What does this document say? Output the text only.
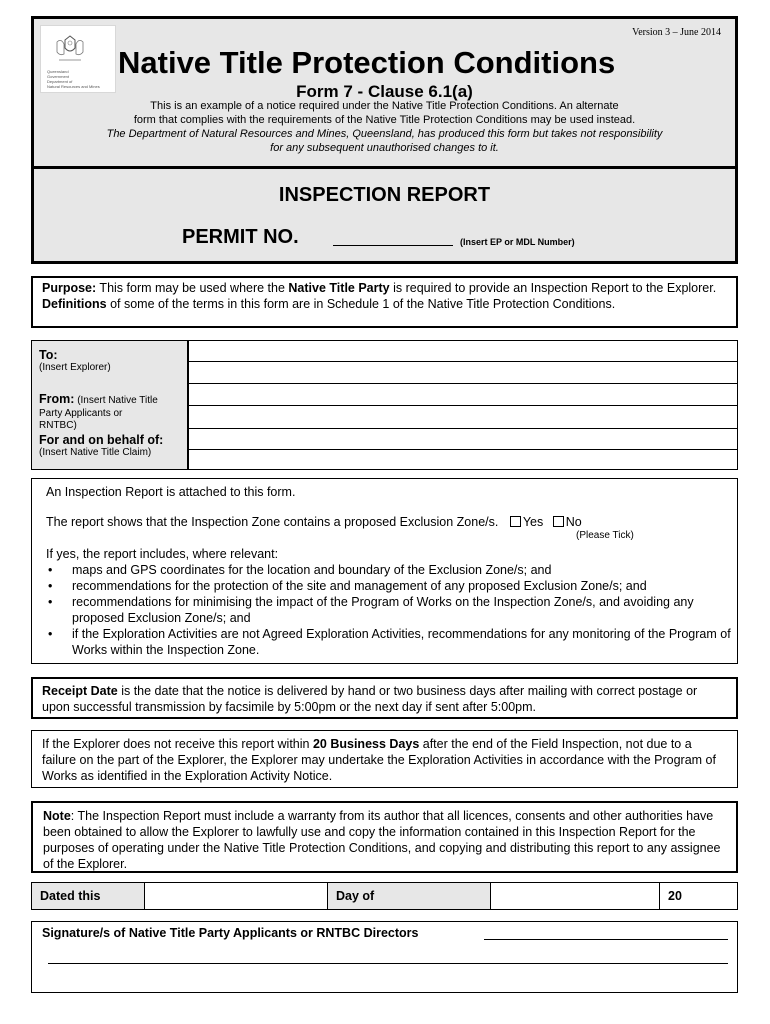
Queensland
Government
Department of
Natural Resources and Mines
Version 3 – June 2014
Native Title Protection Conditions
Form 7 - Clause 6.1(a)
This is an example of a notice required under the Native Title Protection Conditions. An alternate
form that complies with the requirements of the Native Title Protection Conditions may be used instead.
The Department of Natural Resources and Mines, Queensland, has produced this form but takes not responsibility
for any subsequent unauthorised changes to it.
INSPECTION REPORT
PERMIT NO.	(Insert EP or MDL Number)
Purpose: This form may be used where the Native Title Party is required to provide an Inspection Report to the Explorer.
Definitions of some of the terms in this form are in Schedule 1 of the Native Title Protection Conditions.
To:
(Insert Explorer)
From: (Insert Native Title
Party Applicants or
RNTBC)
For and on behalf of:
(Insert Native Title Claim)
An Inspection Report is attached to this form.
The report shows that the Inspection Zone contains a proposed Exclusion Zone/s. Yes No
(Please Tick)
If yes, the report includes, where relevant:
• maps and GPS coordinates for the location and boundary of the Exclusion Zone/s; and
• recommendations for the protection of the site and management of any proposed Exclusion Zone/s; and
• recommendations for minimising the impact of the Program of Works on the Inspection Zone/s, and avoiding any proposed Exclusion Zone/s; and
• if the Exploration Activities are not Agreed Exploration Activities, recommendations for any monitoring of the Program of Works within the Inspection Zone.
Receipt Date is the date that the notice is delivered by hand or two business days after mailing with correct postage or upon successful transmission by facsimile by 5:00pm or the next day if sent after 5:00pm.
If the Explorer does not receive this report within 20 Business Days after the end of the Field Inspection, not due to a failure on the part of the Explorer, the Explorer may undertake the Exploration Activities in accordance with the Program of Works as identified in the Exploration Activity Notice.
Note: The Inspection Report must include a warranty from its author that all licences, consents and other authorities have been obtained to allow the Explorer to lawfully use and copy the information contained in this Inspection Report for the purposes of operating under the Native Title Protection Conditions, and copying and distributing this report to any assignee of the Explorer.
Dated this	Day of	20
Signature/s of Native Title Party Applicants or RNTBC Directors
